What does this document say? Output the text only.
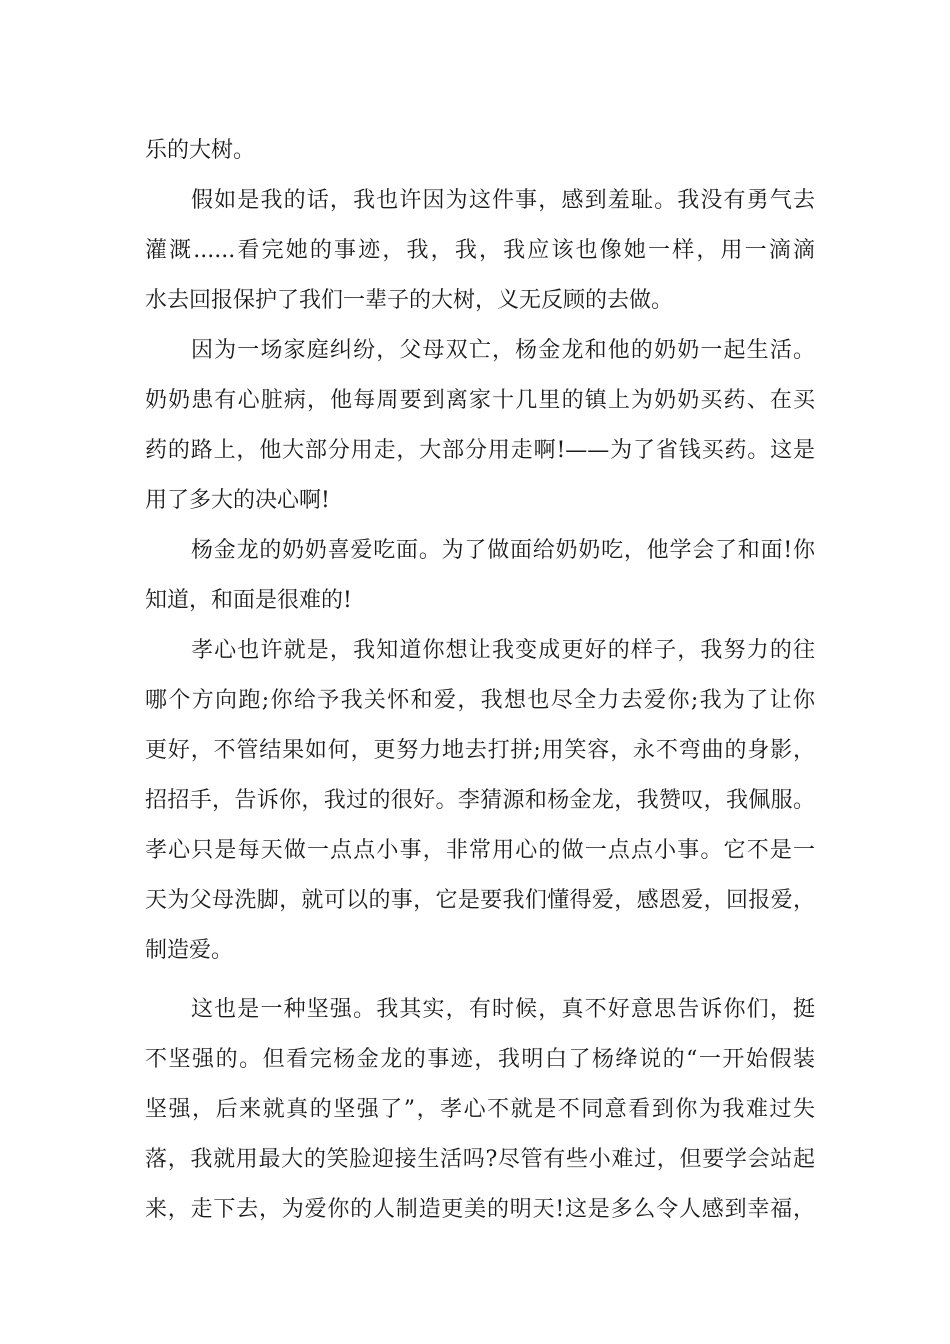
乐的大树。
假如是我的话，我也许因为这件事，感到羞耻。我没有勇气去
灌溉......看完她的事迹，我，我，我应该也像她一样，用一滴滴
水去回报保护了我们一辈子的大树，义无反顾的去做。
因为一场家庭纠纷，父母双亡，杨金龙和他的奶奶一起生活。
奶奶患有心脏病，他每周要到离家十几里的镇上为奶奶买药、在买
药的路上，他大部分用走，大部分用走啊!——为了省钱买药。这是
用了多大的决心啊!
杨金龙的奶奶喜爱吃面。为了做面给奶奶吃，他学会了和面!你
知道，和面是很难的!
孝心也许就是，我知道你想让我变成更好的样子，我努力的往
哪个方向跑;你给予我关怀和爱，我想也尽全力去爱你;我为了让你
更好，不管结果如何，更努力地去打拼;用笑容，永不弯曲的身影，
招招手，告诉你，我过的很好。李猜源和杨金龙，我赞叹，我佩服。
孝心只是每天做一点点小事，非常用心的做一点点小事。它不是一
天为父母洗脚，就可以的事，它是要我们懂得爱，感恩爱，回报爱，
制造爱。
这也是一种坚强。我其实，有时候，真不好意思告诉你们，挺
不坚强的。但看完杨金龙的事迹，我明白了杨绛说的“一开始假装
坚强，后来就真的坚强了”，孝心不就是不同意看到你为我难过失
落，我就用最大的笑脸迎接生活吗?尽管有些小难过，但要学会站起
来，走下去，为爱你的人制造更美的明天!这是多么令人感到幸福，
